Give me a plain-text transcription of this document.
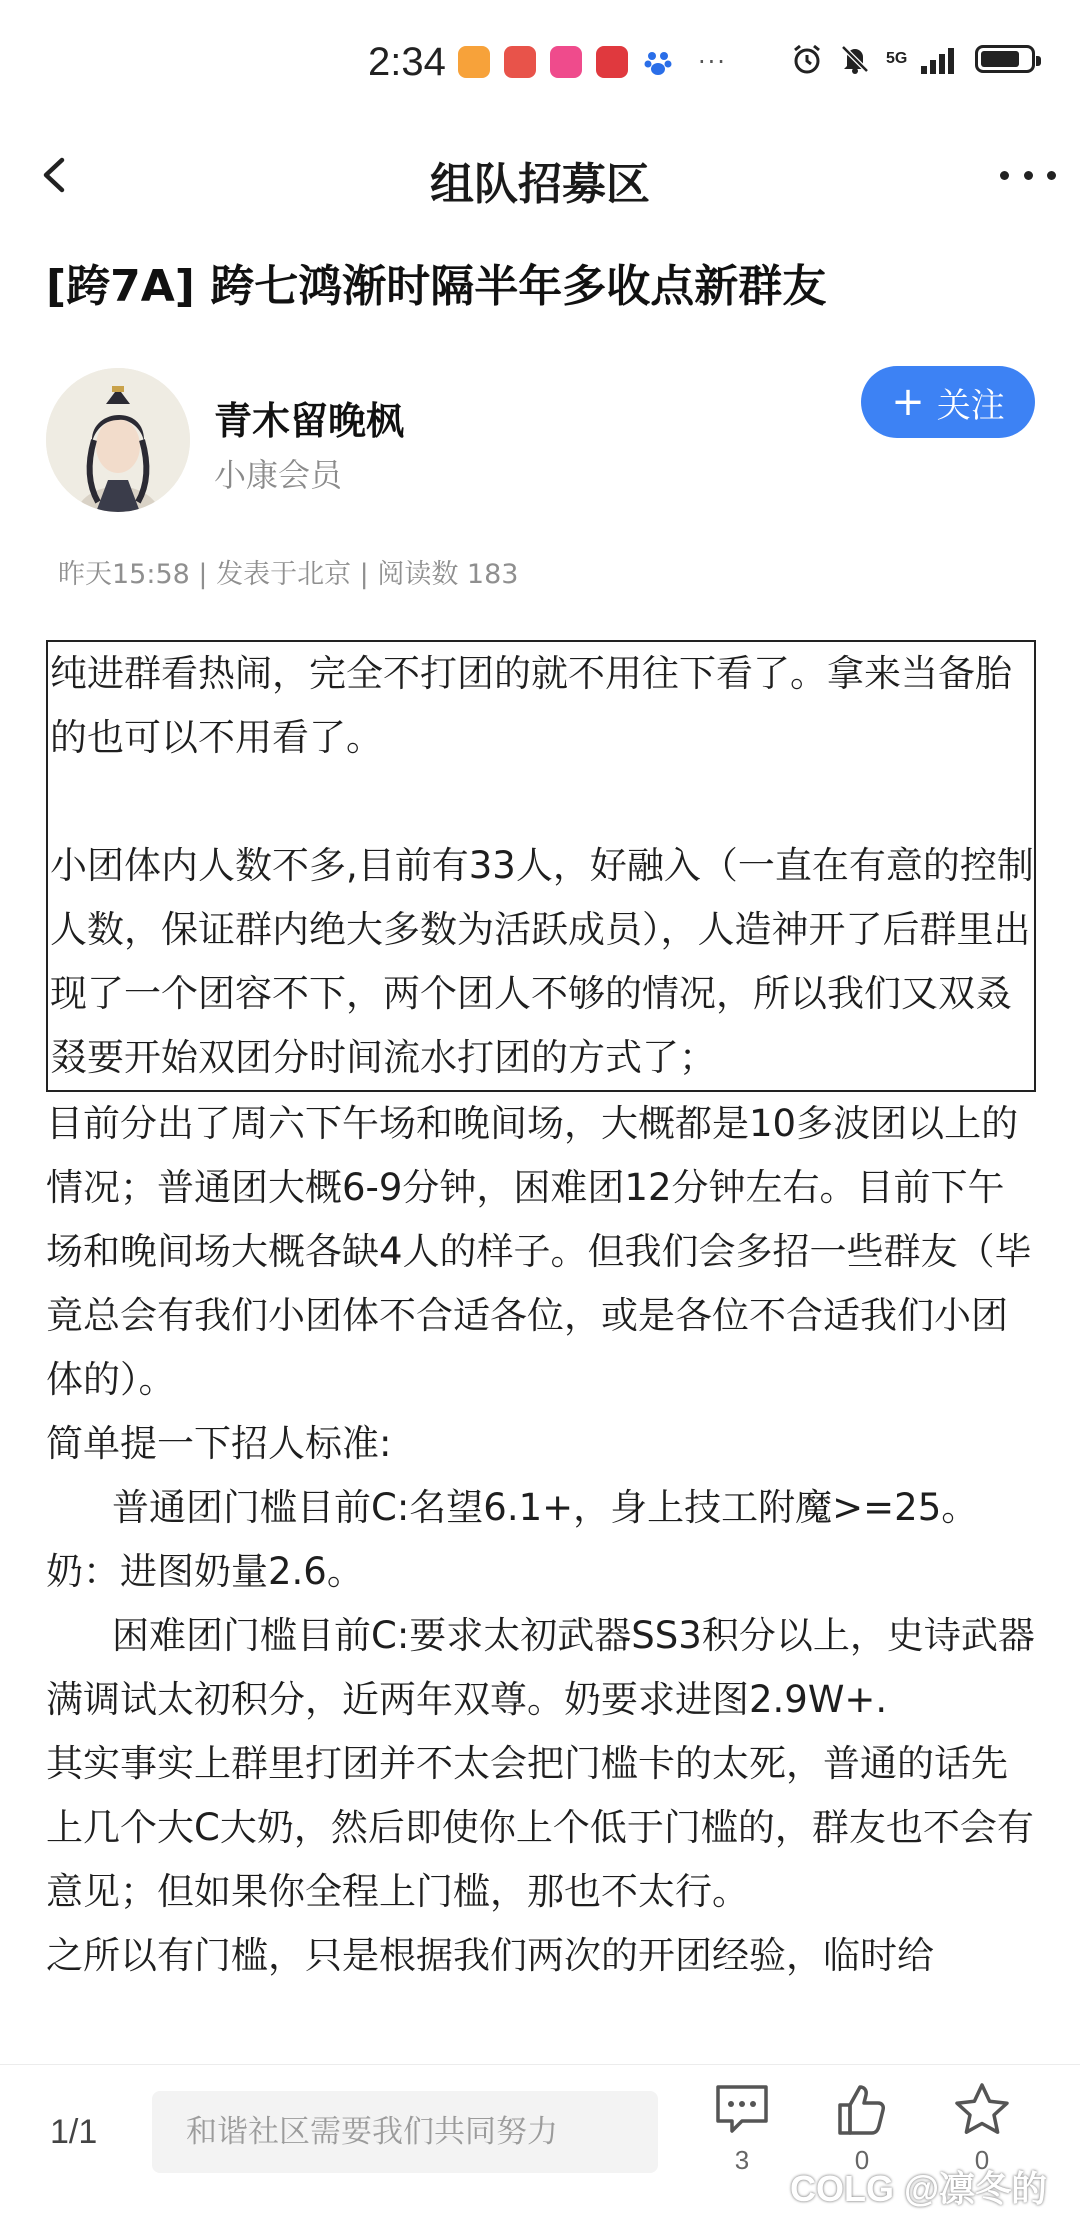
2:34	···	5G
组队招募区
[跨7A] 跨七鸿渐时隔半年多收点新群友
青木留晚枫
小康会员
+ 关注
昨天15:58 | 发表于北京 | 阅读数 183

纯进群看热闹，完全不打团的就不用往下看了。拿来当备胎的也可以不用看了。

小团体内人数不多,目前有33人，好融入（一直在有意的控制人数，保证群内绝大多数为活跃成员），人造神开了后群里出现了一个团容不下，两个团人不够的情况，所以我们又双叒叕要开始双团分时间流水打团的方式了；

目前分出了周六下午场和晚间场，大概都是10多波团以上的情况；普通团大概6-9分钟，困难团12分钟左右。目前下午场和晚间场大概各缺4人的样子。但我们会多招一些群友（毕竟总会有我们小团体不合适各位，或是各位不合适我们小团体的）。

简单提一下招人标准:

普通团门槛目前C:名望6.1+，身上技工附魔>=25。奶：进图奶量2.6。

困难团门槛目前C:要求太初武器SS3积分以上，史诗武器满调试太初积分，近两年双尊。奶要求进图2.9W+.

其实事实上群里打团并不太会把门槛卡的太死，普通的话先上几个大C大奶，然后即使你上个低于门槛的，群友也不会有意见；但如果你全程上门槛，那也不太行。

之所以有门槛，只是根据我们两次的开团经验，临时给

1/1	和谐社区需要我们共同努力
3	0	0
COLG @凛冬的
